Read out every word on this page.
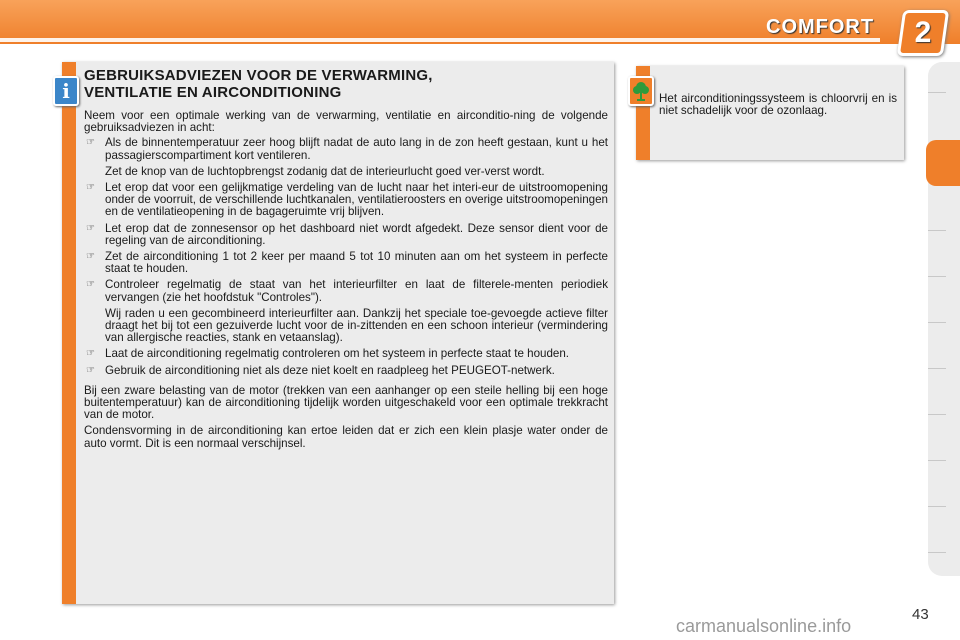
COMFORT	2
i
GEBRUIKSADVIEZEN VOOR DE VERWARMING,
VENTILATIE EN AIRCONDITIONING

Neem voor een optimale werking van de verwarming, ventilatie en airconditio-ning de volgende gebruiksadviezen in acht:

☞ Als de binnentemperatuur zeer hoog blijft nadat de auto lang in de zon heeft gestaan, kunt u het passagierscompartiment kort ventileren.

Zet de knop van de luchtopbrengst zodanig dat de interieurlucht goed ver-verst wordt.

☞ Let erop dat voor een gelijkmatige verdeling van de lucht naar het interi-eur de uitstroomopening onder de voorruit, de verschillende luchtkanalen, ventilatieroosters en overige uitstroomopeningen en de ventilatieopening in de bagageruimte vrij blijven.

☞ Let erop dat de zonnesensor op het dashboard niet wordt afgedekt. Deze sensor dient voor de regeling van de airconditioning.

☞ Zet de airconditioning 1 tot 2 keer per maand 5 tot 10 minuten aan om het systeem in perfecte staat te houden.

☞ Controleer regelmatig de staat van het interieurfilter en laat de filterele-menten periodiek vervangen (zie het hoofdstuk "Controles").

Wij raden u een gecombineerd interieurfilter aan. Dankzij het speciale toe-gevoegde actieve filter draagt het bij tot een gezuiverde lucht voor de in-zittenden en een schoon interieur (vermindering van allergische reacties, stank en vetaanslag).

☞ Laat de airconditioning regelmatig controleren om het systeem in perfecte staat te houden.

☞ Gebruik de airconditioning niet als deze niet koelt en raadpleeg het PEUGEOT-netwerk.

Bij een zware belasting van de motor (trekken van een aanhanger op een steile helling bij een hoge buitentemperatuur) kan de airconditioning tijdelijk worden uitgeschakeld voor een optimale trekkracht van de motor.

Condensvorming in de airconditioning kan ertoe leiden dat er zich een klein plasje water onder de auto vormt. Dit is een normaal verschijnsel.

Het airconditioningssysteem is chloorvrij en is niet schadelijk voor de ozonlaag.
43
carmanualsonline.info
